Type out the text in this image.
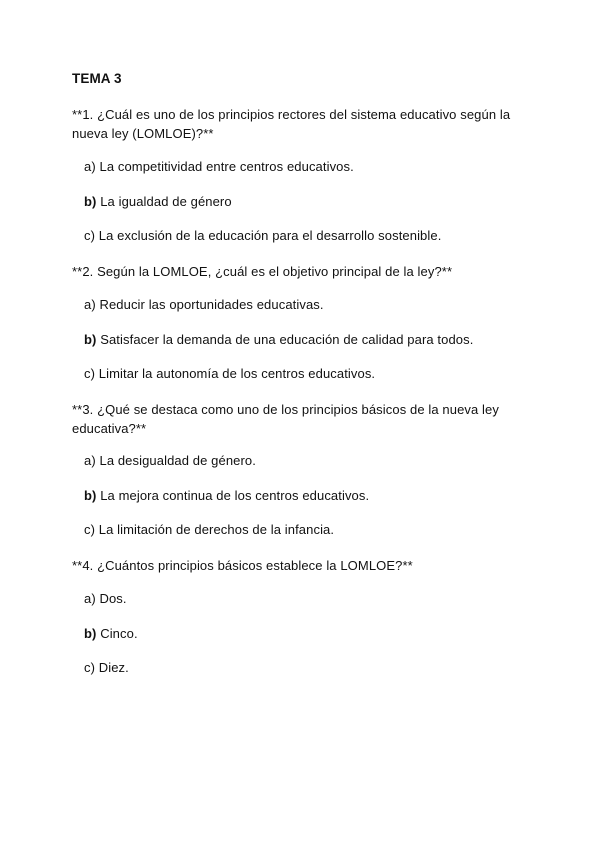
TEMA 3
**1. ¿Cuál es uno de los principios rectores del sistema educativo según la nueva ley (LOMLOE)?**
a) La competitividad entre centros educativos.
b) La igualdad de género
c) La exclusión de la educación para el desarrollo sostenible.
**2. Según la LOMLOE, ¿cuál es el objetivo principal de la ley?**
a) Reducir las oportunidades educativas.
b) Satisfacer la demanda de una educación de calidad para todos.
c) Limitar la autonomía de los centros educativos.
**3. ¿Qué se destaca como uno de los principios básicos de la nueva ley educativa?**
a) La desigualdad de género.
b) La mejora continua de los centros educativos.
c) La limitación de derechos de la infancia.
**4. ¿Cuántos principios básicos establece la LOMLOE?**
a) Dos.
b) Cinco.
c) Diez.
